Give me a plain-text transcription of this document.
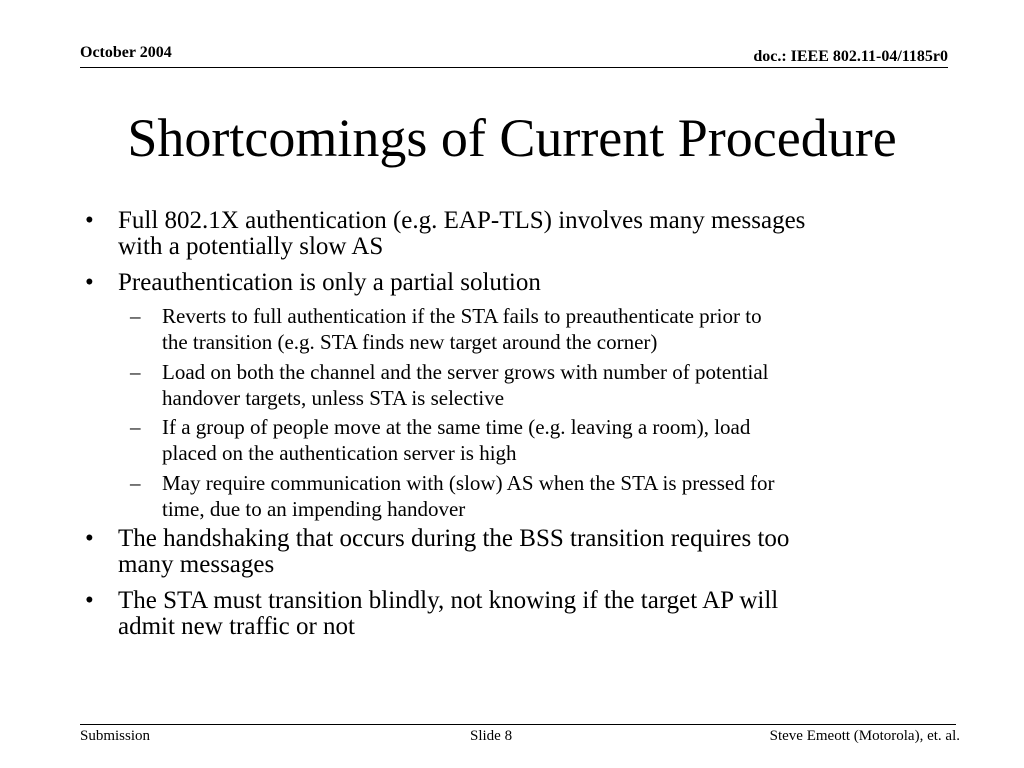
October 2004	doc.: IEEE 802.11-04/1185r0
Shortcomings of Current Procedure
• Full 802.1X authentication (e.g. EAP-TLS) involves many messages
with a potentially slow AS
• Preauthentication is only a partial solution
– Reverts to full authentication if the STA fails to preauthenticate prior to
the transition (e.g. STA finds new target around the corner)
– Load on both the channel and the server grows with number of potential
handover targets, unless STA is selective
– If a group of people move at the same time (e.g. leaving a room), load
placed on the authentication server is high
– May require communication with (slow) AS when the STA is pressed for
time, due to an impending handover
• The handshaking that occurs during the BSS transition requires too
many messages
• The STA must transition blindly, not knowing if the target AP will
admit new traffic or not
Submission	Slide 8	Steve Emeott (Motorola), et. al.
